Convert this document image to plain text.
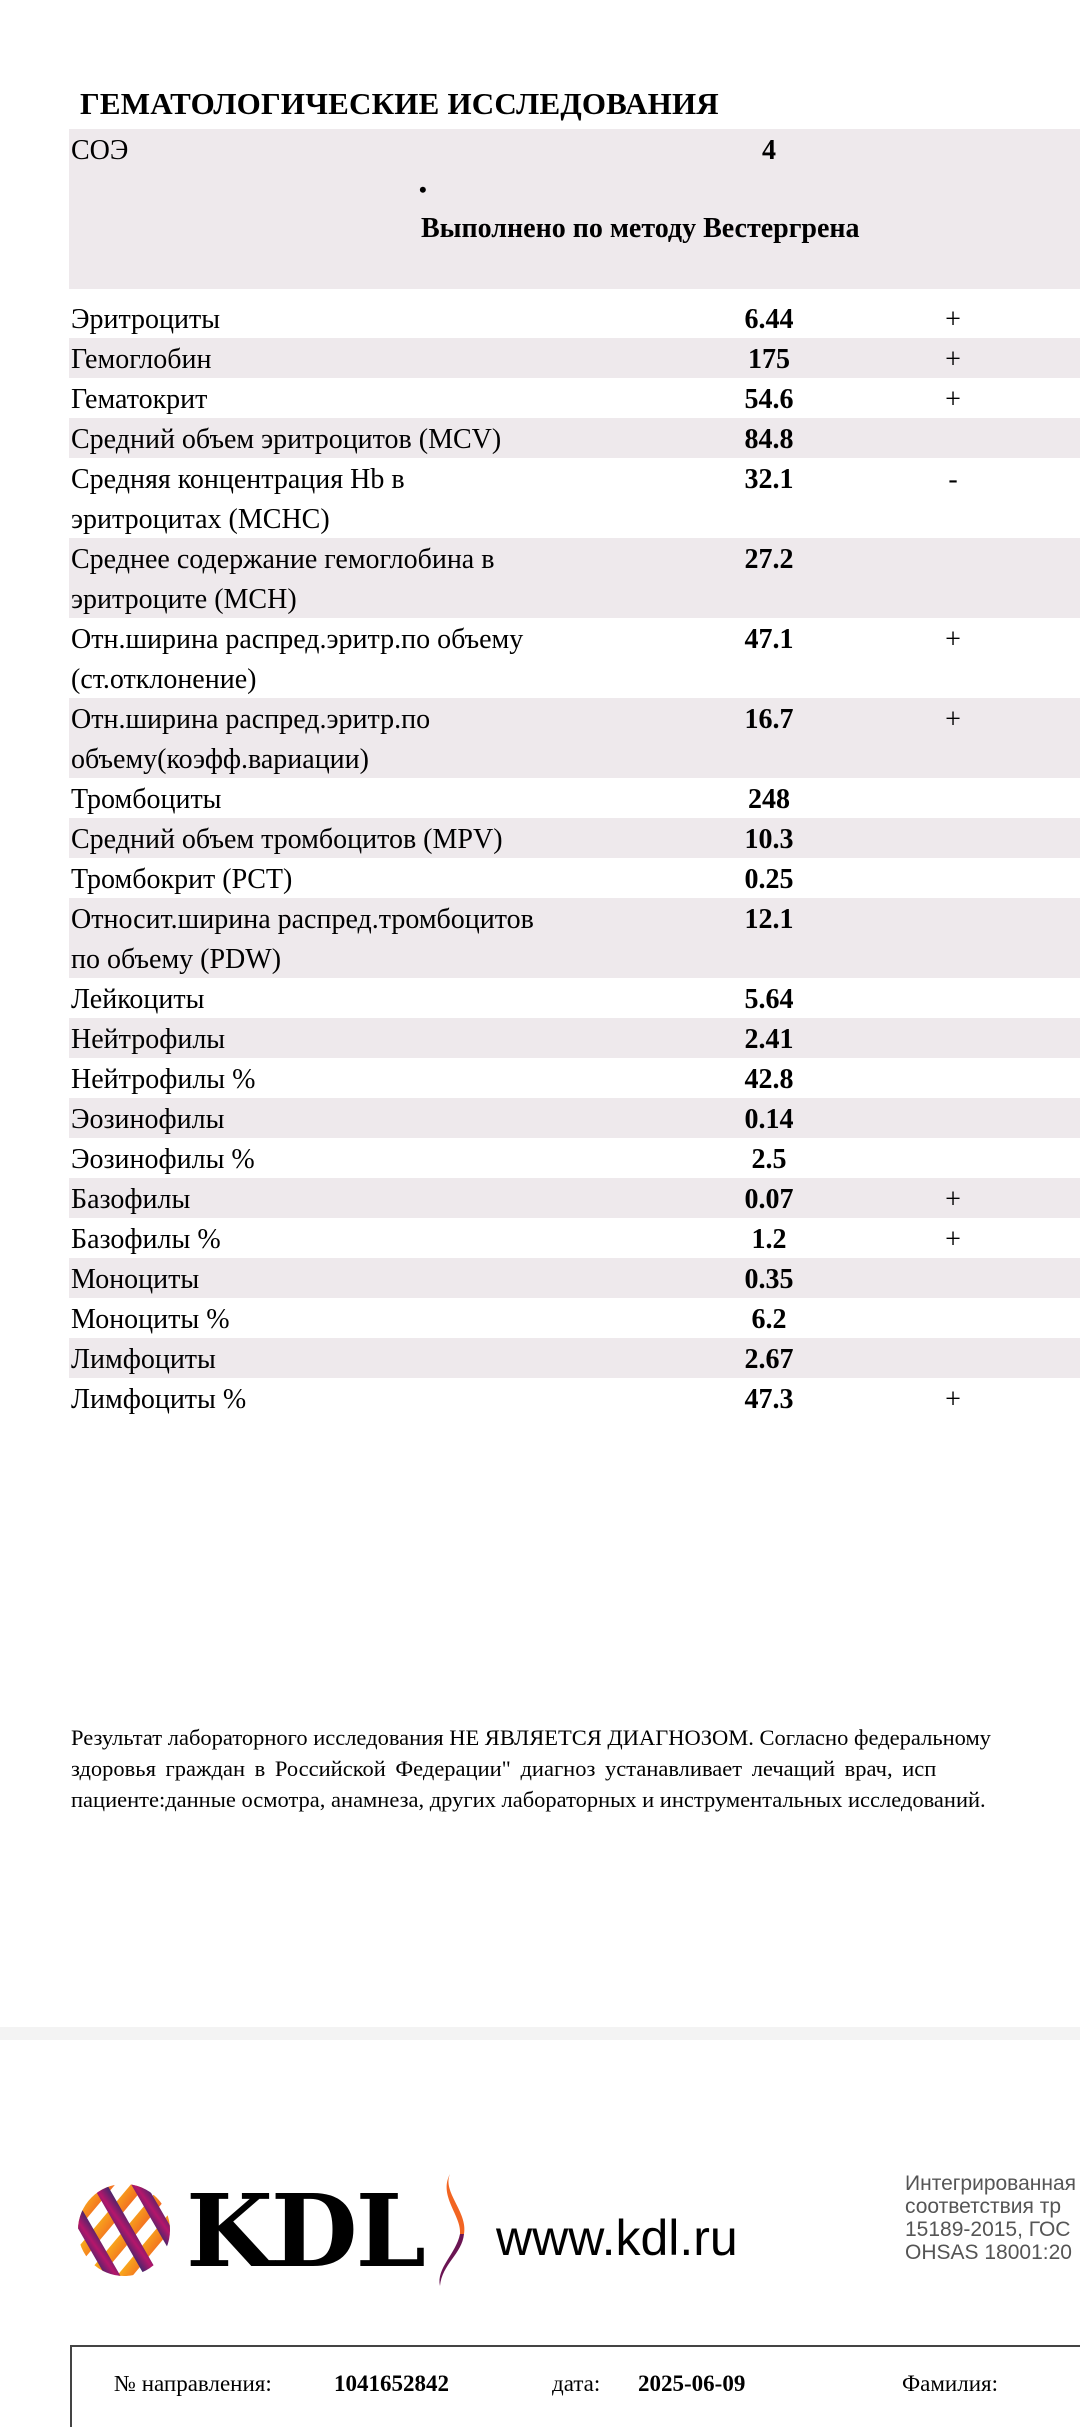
ГЕМАТОЛОГИЧЕСКИЕ ИССЛЕДОВАНИЯ
СОЭ	4
•
Выполнено по методу Вестергрена
Эритроциты	6.44	+
Гемоглобин	175	+
Гематокрит	54.6	+
Средний объем эритроцитов (MCV)	84.8
Средняя концентрация Hb в
эритроцитах (MCHC)
32.1	-
Среднее содержание гемоглобина в
эритроците (MCH)
27.2
Отн.ширина распред.эритр.по объему
(ст.отклонение)
47.1	+
Отн.ширина распред.эритр.по
объему(коэфф.вариации)
16.7	+
Тромбоциты	248
Средний объем тромбоцитов (MPV)	10.3
Тромбокрит (PCT)	0.25
Относит.ширина распред.тромбоцитов
по объему (PDW)
12.1
Лейкоциты	5.64
Нейтрофилы	2.41
Нейтрофилы %	42.8
Эозинофилы	0.14
Эозинофилы %	2.5
Базофилы	0.07	+
Базофилы %	1.2	+
Моноциты	0.35
Моноциты %	6.2
Лимфоциты	2.67
Лимфоциты %	47.3	+
Результат лабораторного исследования НЕ ЯВЛЯЕТСЯ ДИАГНОЗОМ. Согласно федеральному
здоровья граждан в Российской Федерации" диагноз устанавливает лечащий врач, исп
пациенте:данные осмотра, анамнеза, других лабораторных и инструментальных исследований.
KDL www.kdl.ru
Интегрированная
соответствия тр
15189-2015, ГОС
OHSAS 18001:20
№ направления:	1041652842	дата: 2025-06-09	Фамилия:
